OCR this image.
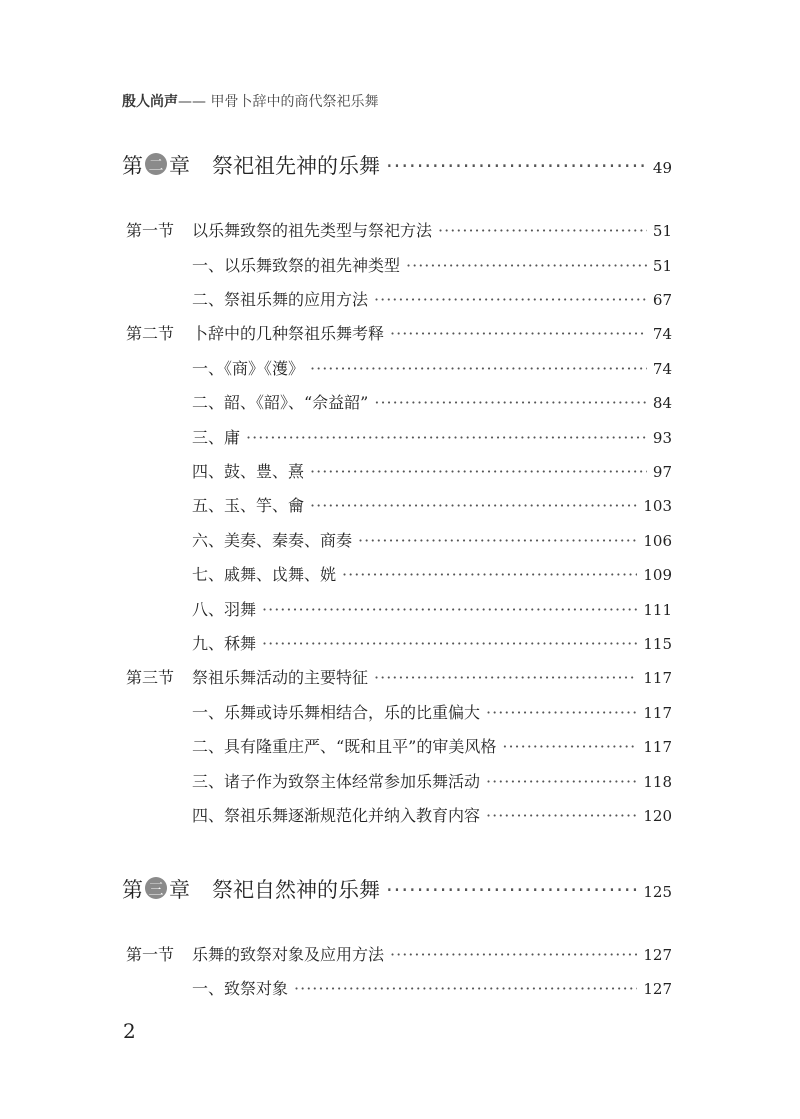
殷人尚声—— 甲骨卜辞中的商代祭祀乐舞
第 二 章 祭祀祖先神的乐舞 ·····	49
第一节 以乐舞致祭的祖先类型与祭祀方法 ·····	51
一、以乐舞致祭的祖先神类型 ·····	51
二、祭祖乐舞的应用方法 ·····	67
第二节 卜辞中的几种祭祖乐舞考释 ·····	74
一、《商》《濩》 ·····	74
二、韶、《韶》、“佘益韶” ·····	84
三、庸 ·····	93
四、鼓、豊、熹 ·····	97
五、玉、竽、龠 ·····	103
六、美奏、秦奏、商奏 ·····	106
七、戚舞、戉舞、姯 ·····	109
八、羽舞 ·····	111
九、秝舞 ·····	115
第三节 祭祖乐舞活动的主要特征 ·····	117
一、乐舞或诗乐舞相结合，乐的比重偏大 ·····	117
二、具有隆重庄严、“既和且平”的审美风格 ·····	117
三、诸子作为致祭主体经常参加乐舞活动 ·····	118
四、祭祖乐舞逐渐规范化并纳入教育内容 ·····	120
第 三 章 祭祀自然神的乐舞 ·····	125
第一节 乐舞的致祭对象及应用方法 ·····	127
一、致祭对象 ·····	127
2
